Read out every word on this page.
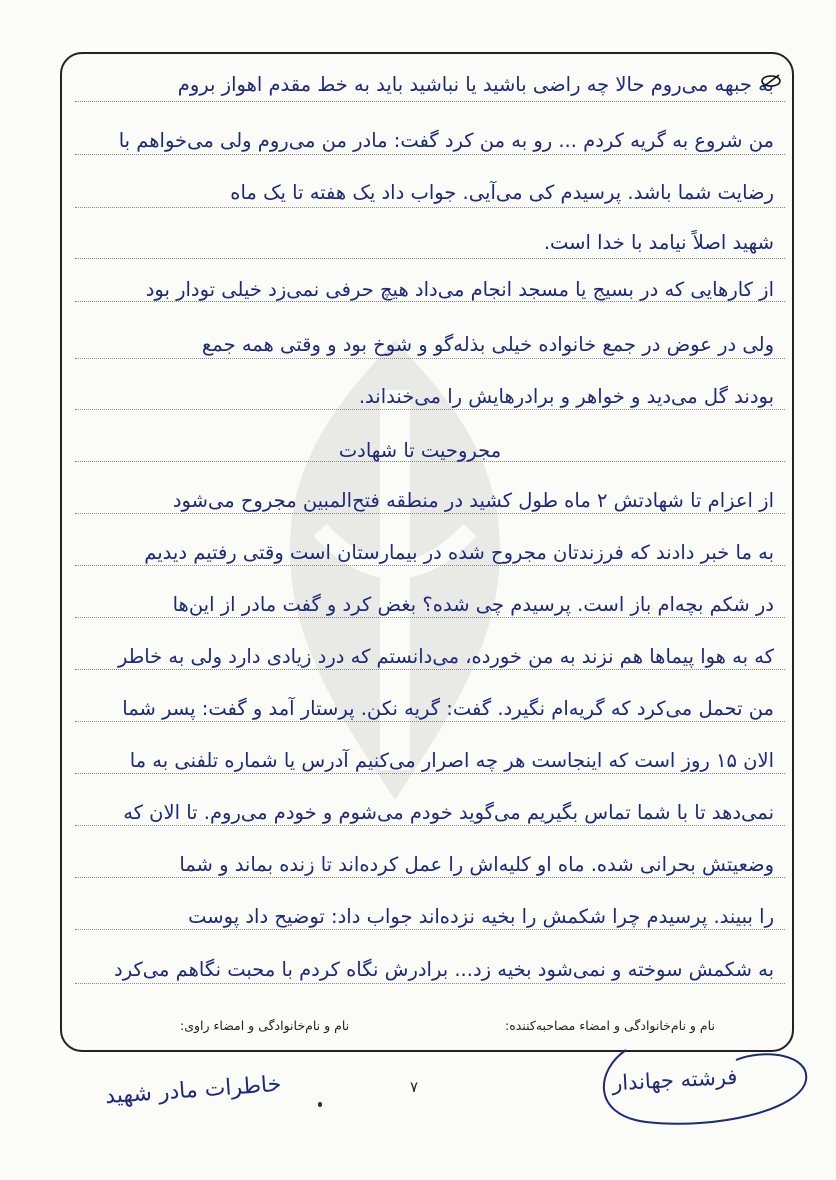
به جبهه می‌روم حالا چه راضی باشید یا نباشید باید به خط مقدم اهواز بروم
من شروع به گریه کردم ... رو به من کرد گفت: مادر من می‌روم ولی می‌خواهم با
رضایت شما باشد. پرسیدم کی می‌آیی. جواب داد یک هفته تا یک ماه
شهید اصلاً نیامد با خدا است.
از کارهایی که در بسیج یا مسجد انجام می‌داد هیچ حرفی نمی‌زد خیلی تودار بود
ولی در عوض در جمع خانواده خیلی بذله‌گو و شوخ بود و وقتی همه جمع
بودند گل می‌دید و خواهر و برادرهایش را می‌خنداند.
مجروحیت تا شهادت
از اعزام تا شهادتش ۲ ماه طول کشید در منطقه فتح‌المبین مجروح می‌شود
به ما خبر دادند که فرزندتان مجروح شده در بیمارستان است وقتی رفتیم دیدیم
در شکم بچه‌ام باز است. پرسیدم چی شده؟ بغض کرد و گفت مادر از این‌ها
که به هوا پیماها هم نزند به من خورده، می‌دانستم که درد زیادی دارد ولی به خاطر
من تحمل می‌کرد که گریه‌ام نگیرد. گفت: گریه نکن. پرستار آمد و گفت: پسر شما
الان ۱۵ روز است که اینجاست هر چه اصرار می‌کنیم آدرس یا شماره تلفنی به ما
نمی‌دهد تا با شما تماس بگیریم می‌گوید خودم می‌شوم و خودم می‌روم. تا الان که
وضعیتش بحرانی شده. ماه او کلیه‌اش را عمل کرده‌اند تا زنده بماند و شما
را ببیند. پرسیدم چرا شکمش را بخیه نزده‌اند جواب داد: توضیح داد پوست
به شکمش سوخته و نمی‌شود بخیه زد... برادرش نگاه کردم با محبت نگاهم می‌کرد
نام و نام‌خانوادگی و امضاء مصاحبه‌کننده:
نام و نام‌خانوادگی و امضاء راوی:
۷
خاطرات مادر شهید	فرشته جهاندار
